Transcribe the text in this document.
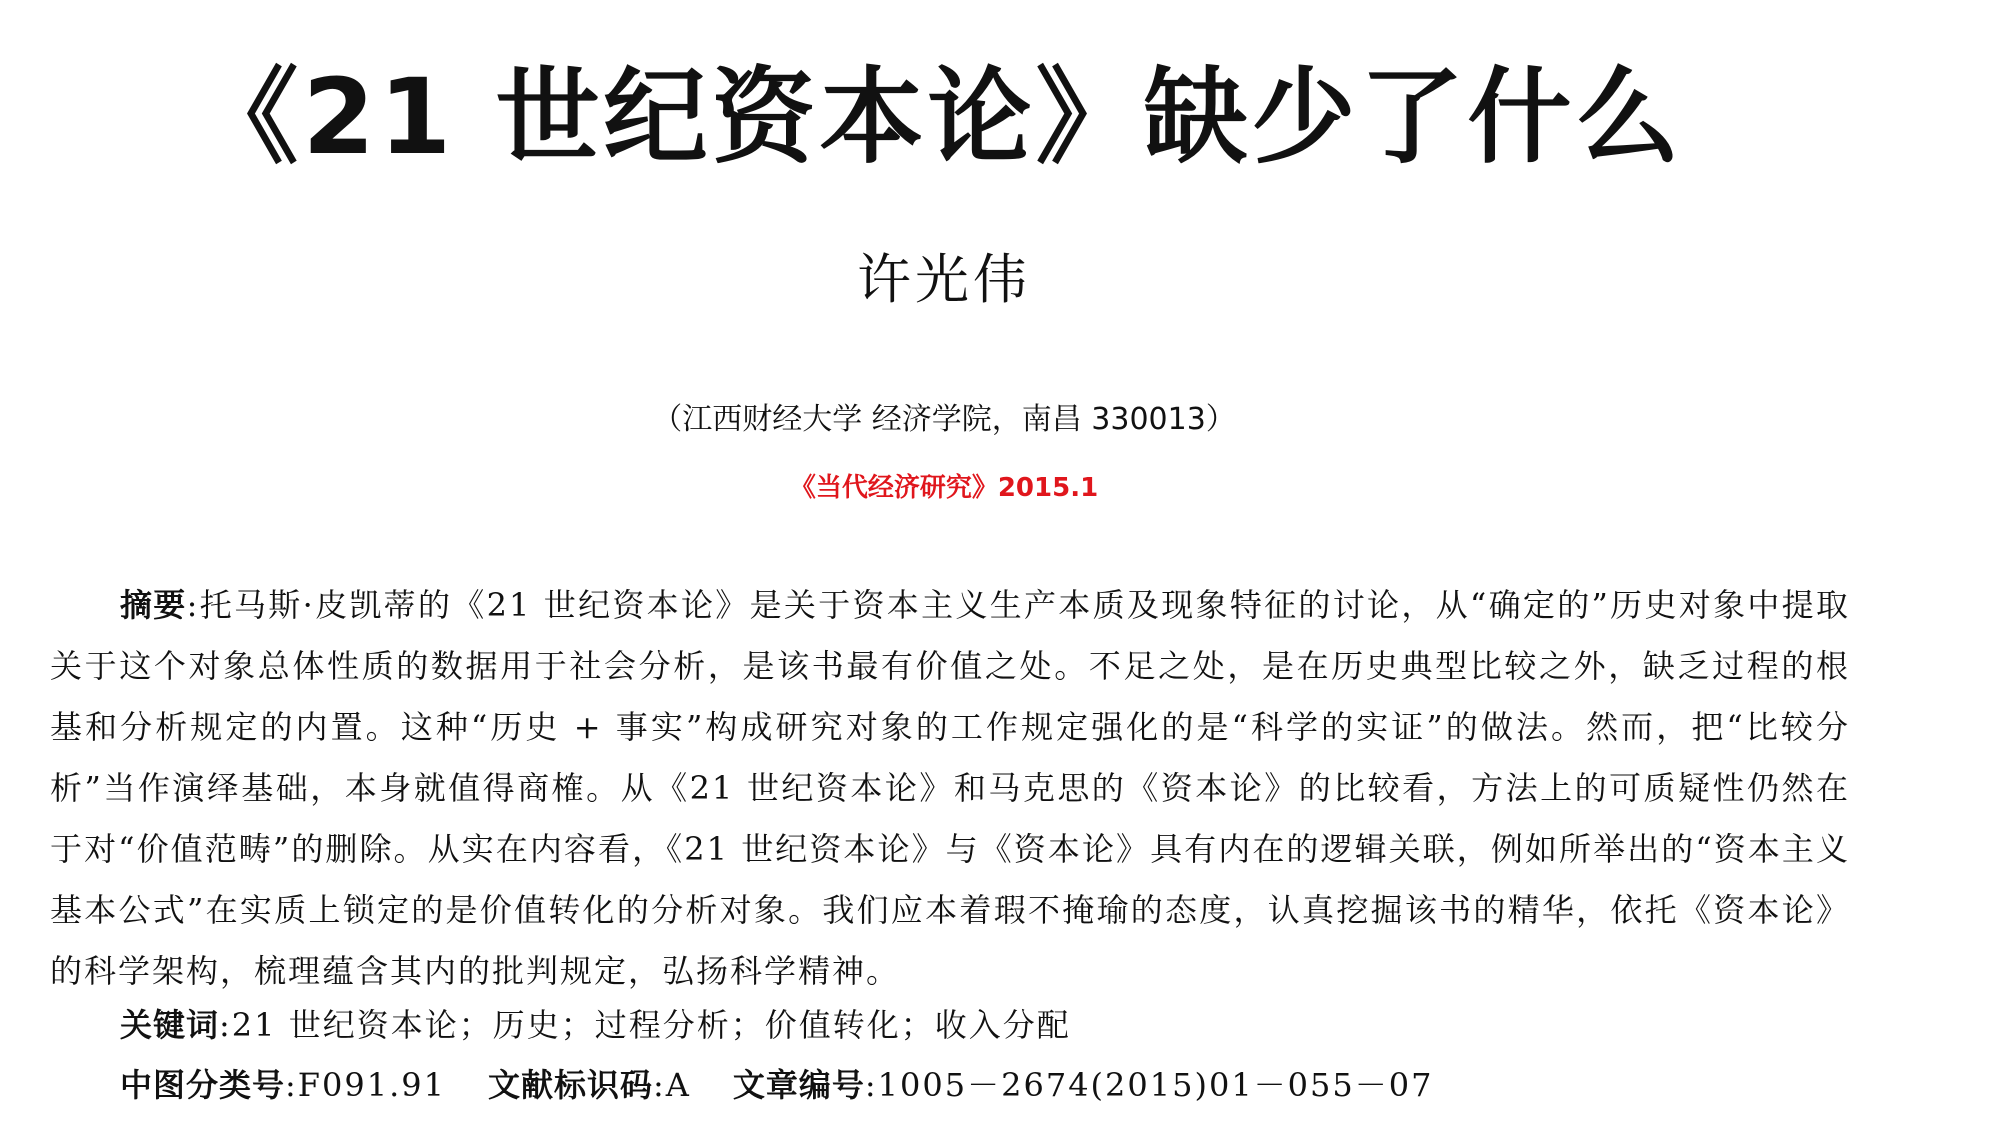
《21 世纪资本论》缺少了什么
许光伟
（江西财经大学 经济学院，南昌 330013）
《当代经济研究》2015.1
摘要:托马斯·皮凯蒂的《21 世纪资本论》是关于资本主义生产本质及现象特征的讨论，从“确定的”历史对象中提取关于这个对象总体性质的数据用于社会分析，是该书最有价值之处。不足之处，是在历史典型比较之外，缺乏过程的根基和分析规定的内置。这种“历史 + 事实”构成研究对象的工作规定强化的是“科学的实证”的做法。然而，把“比较分析”当作演绎基础，本身就值得商榷。从《21 世纪资本论》和马克思的《资本论》的比较看，方法上的可质疑性仍然在于对“价值范畴”的删除。从实在内容看，《21 世纪资本论》与《资本论》具有内在的逻辑关联，例如所举出的“资本主义基本公式”在实质上锁定的是价值转化的分析对象。我们应本着瑕不掩瑜的态度，认真挖掘该书的精华，依托《资本论》的科学架构，梳理蕴含其内的批判规定，弘扬科学精神。
关键词:21 世纪资本论；历史；过程分析；价值转化；收入分配
中图分类号:F091.91 文献标识码:A 文章编号:1005－2674(2015)01－055－07
